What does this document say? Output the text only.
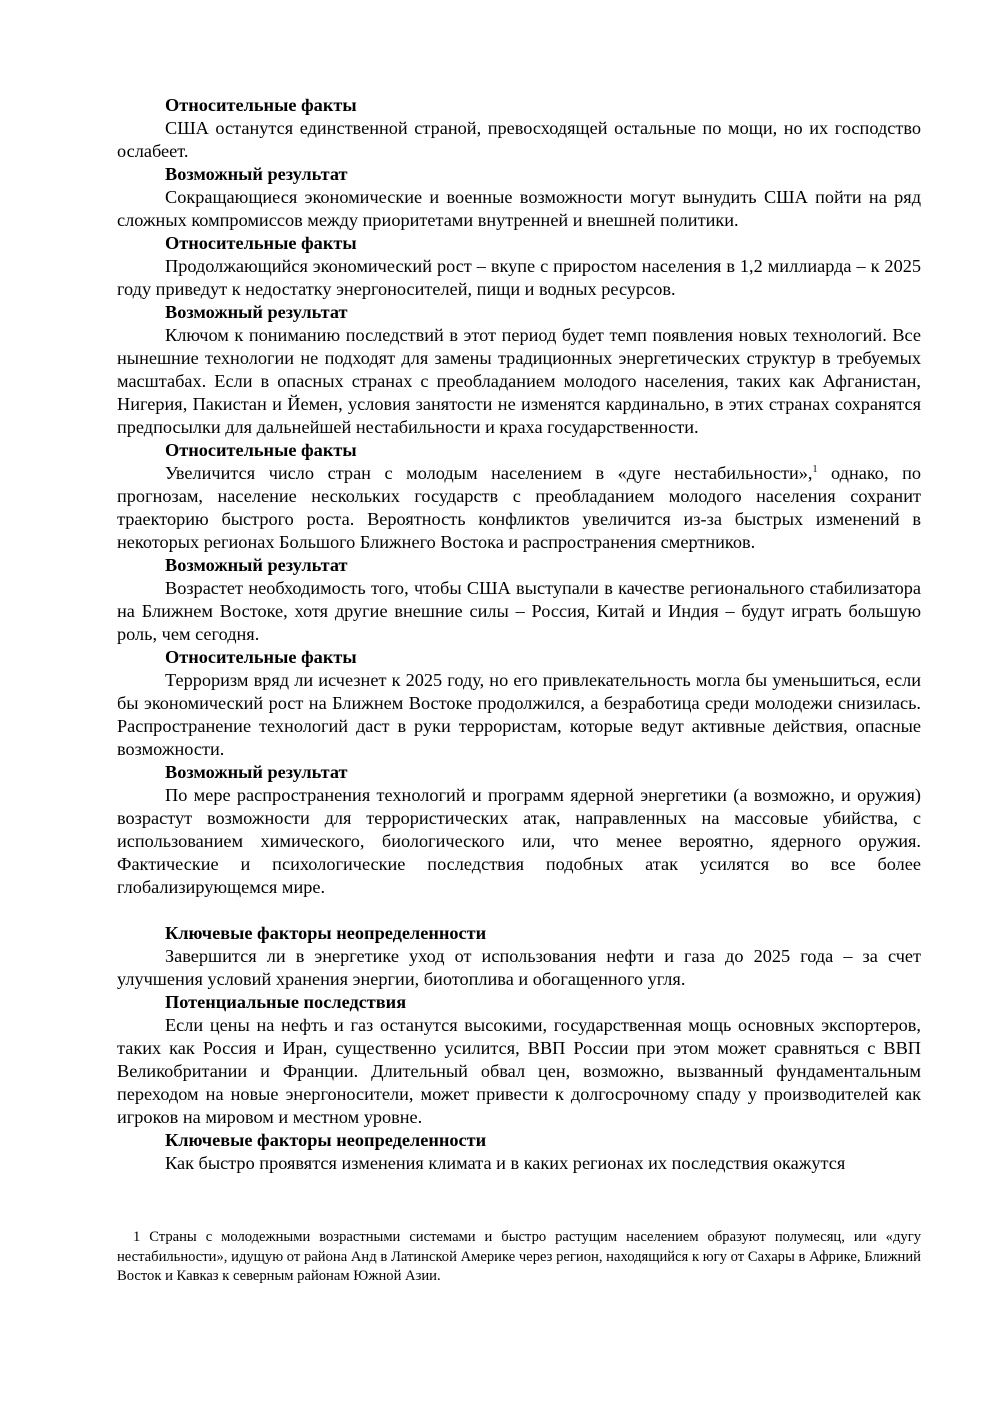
Относительные факты

США останутся единственной страной, превосходящей остальные по мощи, но их господство ослабеет.

Возможный результат

Сокращающиеся экономические и военные возможности могут вынудить США пойти на ряд сложных компромиссов между приоритетами внутренней и внешней политики.

Относительные факты

Продолжающийся экономический рост – вкупе с приростом населения в 1,2 миллиарда – к 2025 году приведут к недостатку энергоносителей, пищи и водных ресурсов.

Возможный результат

Ключом к пониманию последствий в этот период будет темп появления новых технологий. Все нынешние технологии не подходят для замены традиционных энергетических структур в требуемых масштабах. Если в опасных странах с преобладанием молодого населения, таких как Афганистан, Нигерия, Пакистан и Йемен, условия занятости не изменятся кардинально, в этих странах сохранятся предпосылки для дальнейшей нестабильности и краха государственности.

Относительные факты

Увеличится число стран с молодым населением в «дуге нестабильности»,$^1$ однако, по прогнозам, население нескольких государств с преобладанием молодого населения сохранит траекторию быстрого роста. Вероятность конфликтов увеличится из-за быстрых изменений в некоторых регионах Большого Ближнего Востока и распространения смертников.

Возможный результат

Возрастет необходимость того, чтобы США выступали в качестве регионального стабилизатора на Ближнем Востоке, хотя другие внешние силы – Россия, Китай и Индия – будут играть большую роль, чем сегодня.

Относительные факты

Терроризм вряд ли исчезнет к 2025 году, но его привлекательность могла бы уменьшиться, если бы экономический рост на Ближнем Востоке продолжился, а безработица среди молодежи снизилась. Распространение технологий даст в руки террористам, которые ведут активные действия, опасные возможности.

Возможный результат

По мере распространения технологий и программ ядерной энергетики (а возможно, и оружия) возрастут возможности для террористических атак, направленных на массовые убийства, с использованием химического, биологического или, что менее вероятно, ядерного оружия. Фактические и психологические последствия подобных атак усилятся во все более глобализирующемся мире.

Ключевые факторы неопределенности

Завершится ли в энергетике уход от использования нефти и газа до 2025 года – за счет улучшения условий хранения энергии, биотоплива и обогащенного угля.

Потенциальные последствия

Если цены на нефть и газ останутся высокими, государственная мощь основных экспортеров, таких как Россия и Иран, существенно усилится, ВВП России при этом может сравняться с ВВП Великобритании и Франции. Длительный обвал цен, возможно, вызванный фундаментальным переходом на новые энергоносители, может привести к долгосрочному спаду у производителей как игроков на мировом и местном уровне.

Ключевые факторы неопределенности

Как быстро проявятся изменения климата и в каких регионах их последствия окажутся

1 Страны с молодежными возрастными системами и быстро растущим населением образуют полумесяц, или «дугу нестабильности», идущую от района Анд в Латинской Америке через регион, находящийся к югу от Сахары в Африке, Ближний Восток и Кавказ к северным районам Южной Азии.
